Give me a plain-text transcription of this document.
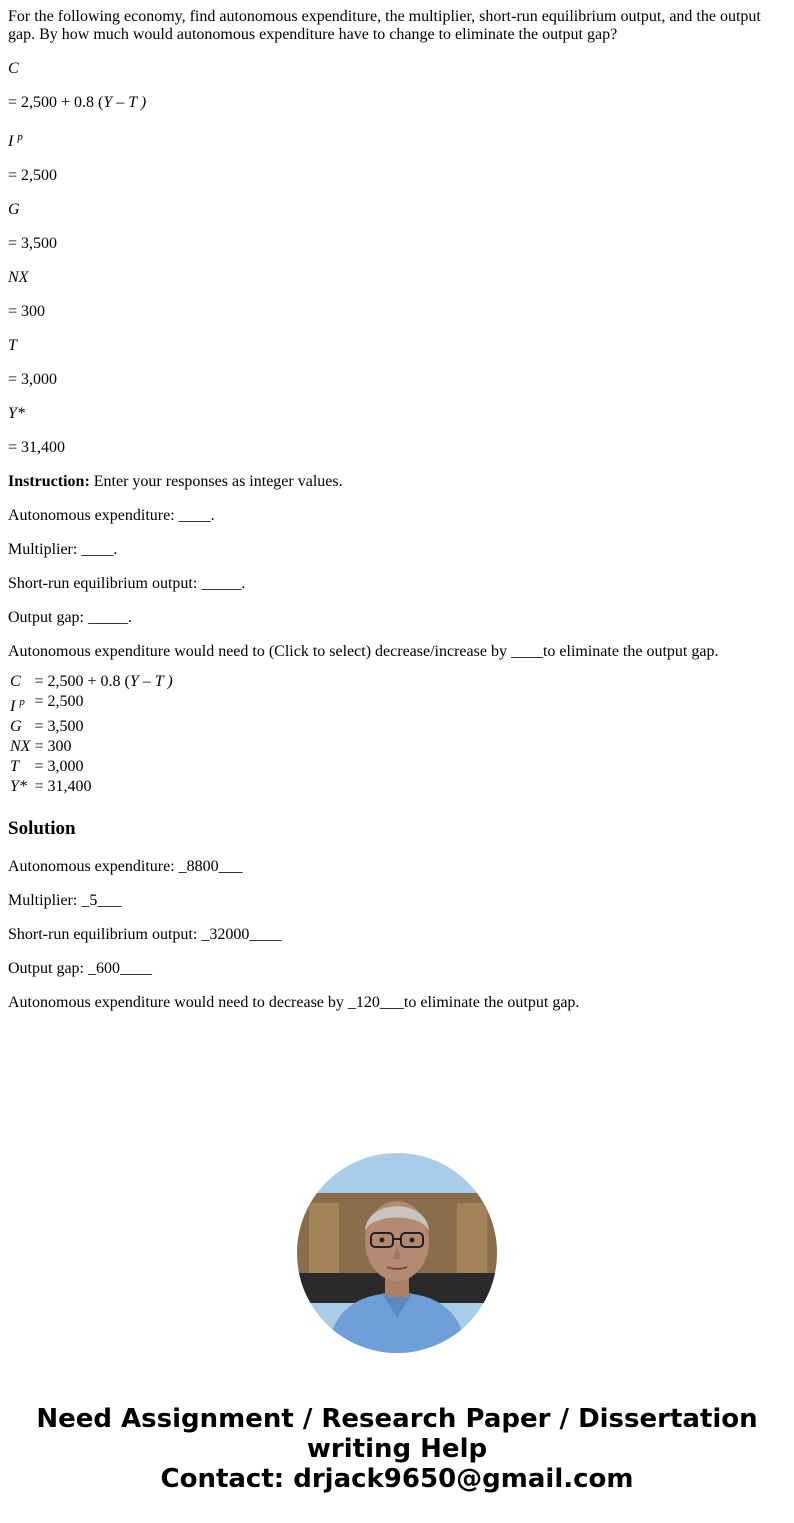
For the following economy, find autonomous expenditure, the multiplier, short-run equilibrium output, and the output gap. By how much would autonomous expenditure have to change to eliminate the output gap?

C

= 2,500 + 0.8 (Y – T )

I $^p$

= 2,500

G

= 3,500

NX

= 300

T

= 3,000

Y*

= 31,400

Instruction: Enter your responses as integer values.

Autonomous expenditure: ____.

Multiplier: ____.

Short-run equilibrium output: _____.

Output gap: _____.

Autonomous expenditure would need to (Click to select) decrease/increase by ____to eliminate the output gap.

C	= 2,500 + 0.8 (Y – T )
I $^p$	= 2,500
G	= 3,500
NX	= 300
T	= 3,000
Y*	= 31,400
Solution

Autonomous expenditure: _8800___

Multiplier: _5___

Short-run equilibrium output: _32000____

Output gap: _600____

Autonomous expenditure would need to decrease by _120___to eliminate the output gap.

Need Assignment / Research Paper / Dissertation
writing Help
Contact: drjack9650@gmail.com
